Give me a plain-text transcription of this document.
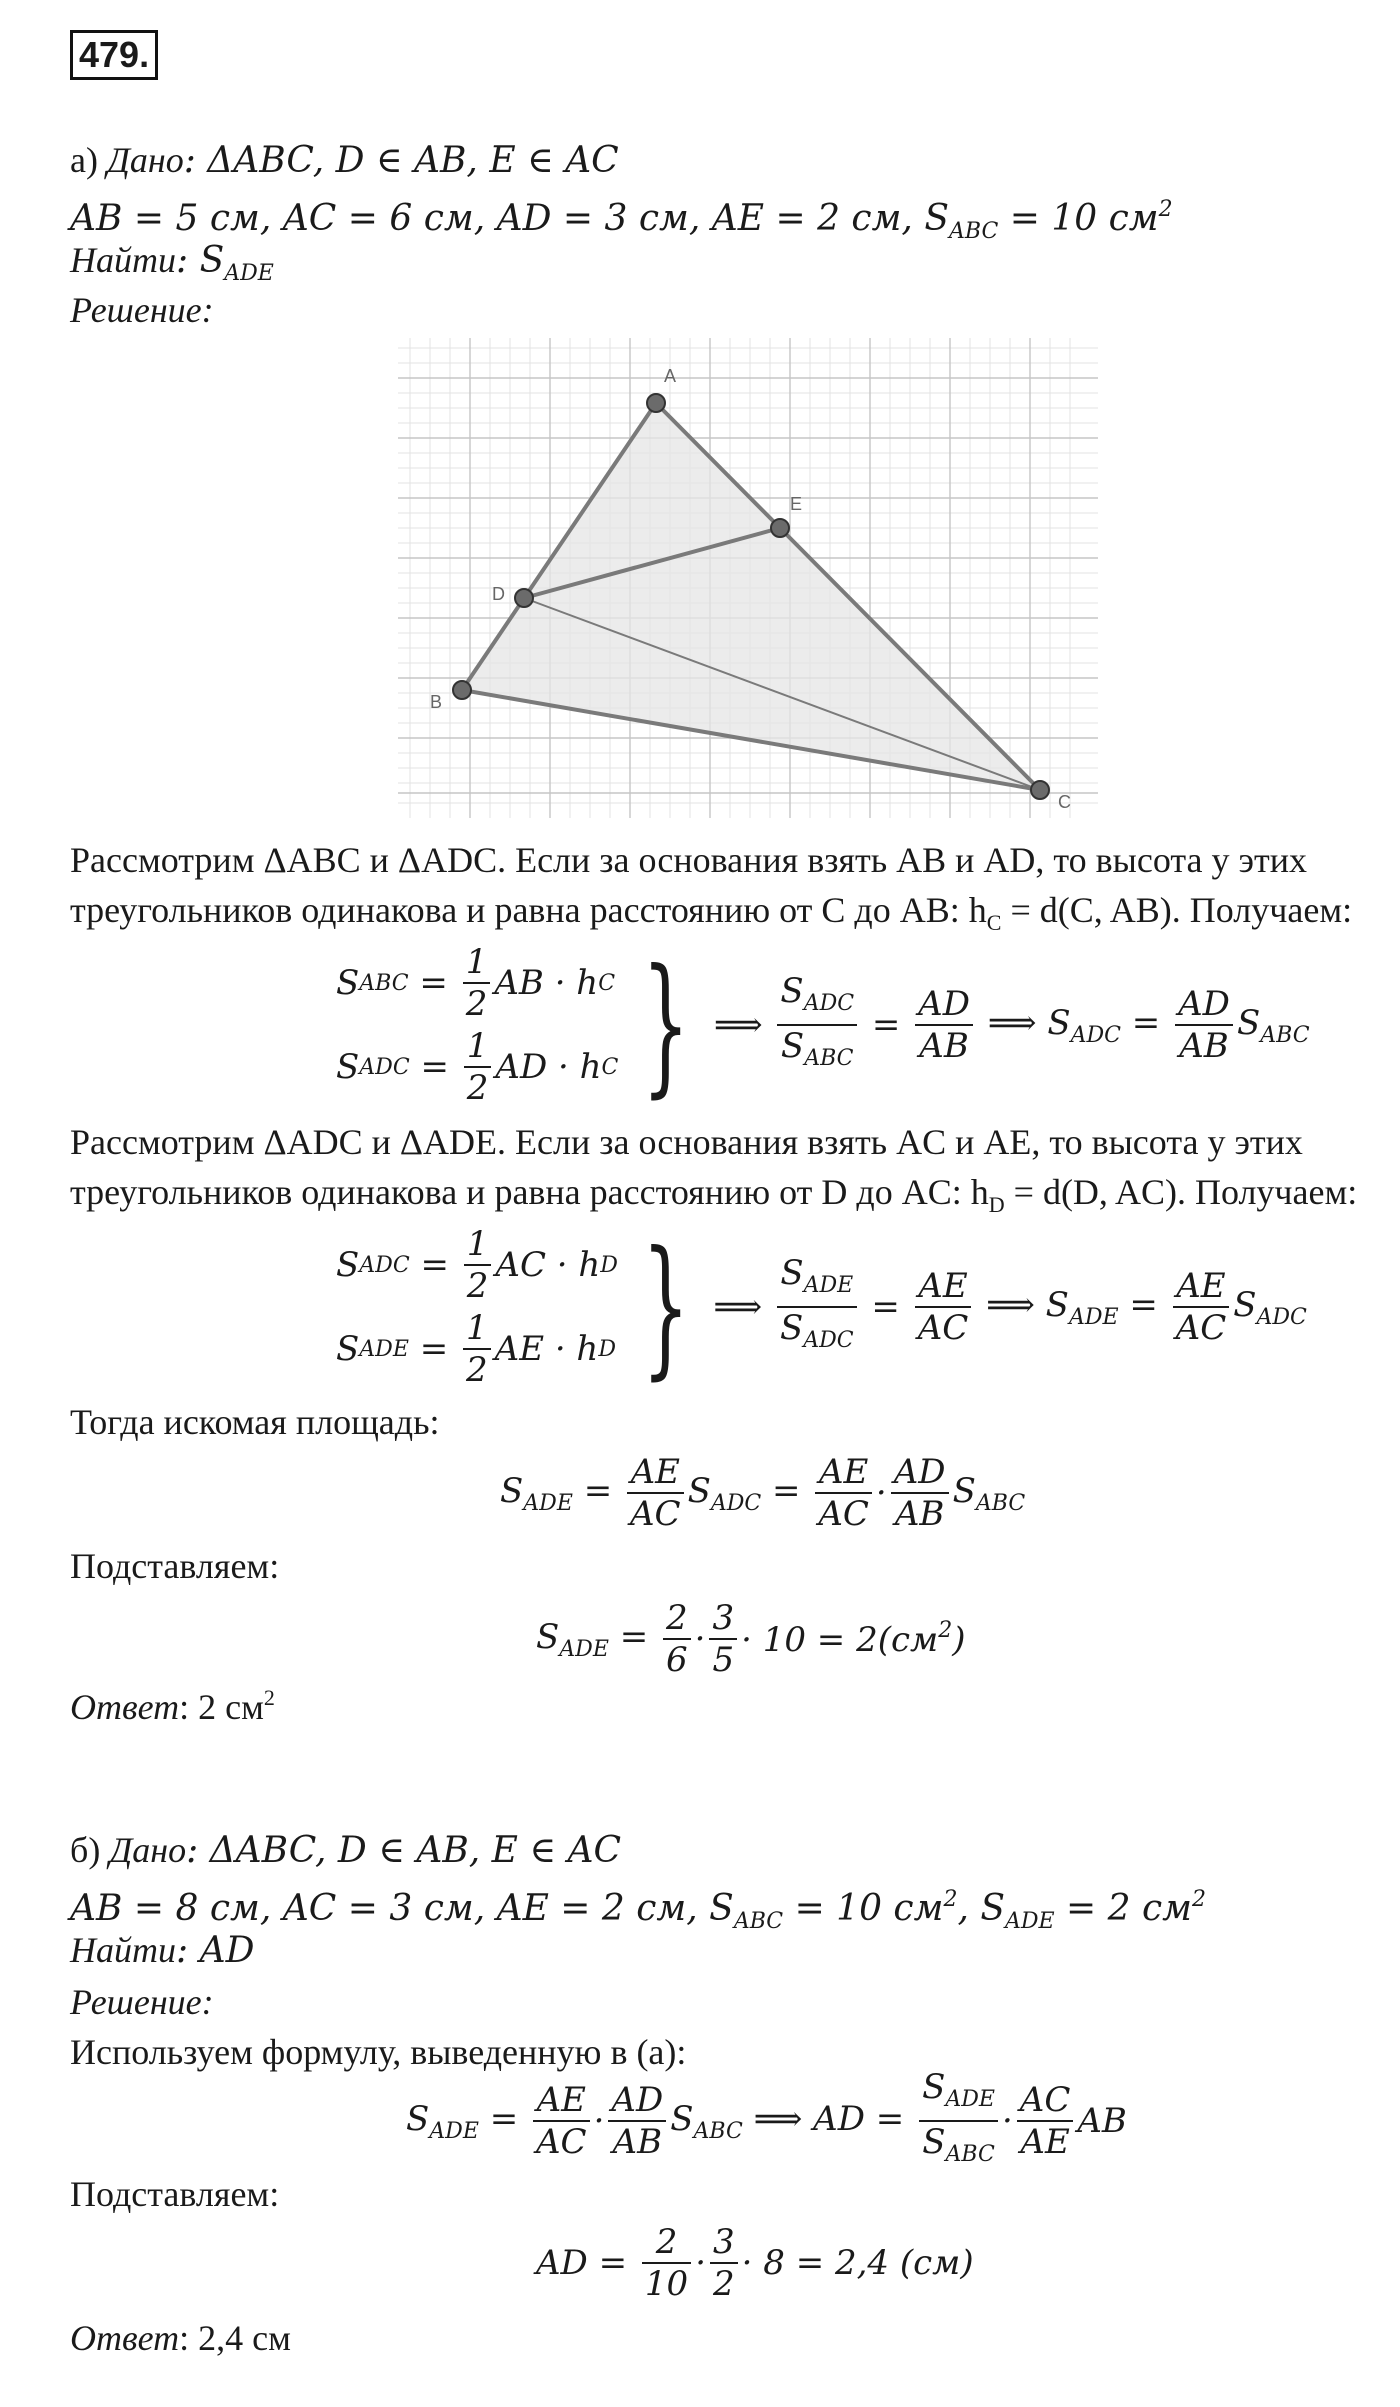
479.
а) Дано: ΔABC, D ∈ AB, E ∈ AC
AB = 5 см, AC = 6 см, AD = 3 см, AE = 2 см, $S_{ABC} = 10$ $см^2$
Найти: $S_{ADE}$
Решение:
A
B
C
D
E
Рассмотрим ΔABC и ΔADC. Если за основания взять AB и AD, то высота у этих
треугольников одинакова и равна расстоянию от C до AB: $h_C = d(C$, AB). Получаем:
S ABC = $\frac{1}{2}$ AB · h C
S ADC = $\frac{1}{2}$ AD · h C } ⟹ $\frac{S_{ADC}}{S_{ABC}} = \frac{AD}{AB}$ ⟹ $S_{ADC} = \frac{AD}{AB} S_{ABC}$
Рассмотрим ΔADC и ΔADE. Если за основания взять AC и AE, то высота у этих
треугольников одинакова и равна расстоянию от D до AC: $h_D = d(D$, AC). Получаем:
S ADC = $\frac{1}{2}$ AC · h D
S ADE = $\frac{1}{2}$ AE · h D } ⟹ $\frac{S_{ADE}}{S_{ADC}} = \frac{AE}{AC}$ ⟹ $S_{ADE} = \frac{AE}{AC} S_{ADC}$
Тогда искомая площадь:
$S_{ADE} = \frac{AE}{AC} S_{ADC} = \frac{AE}{AC} \cdot \frac{AD}{AB} S_{ABC}$
Подставляем:
$S_{ADE} = \frac{2}{6} \cdot \frac{3}{5} \cdot 10 = 2(см^2)$
Ответ: 2 $см^2$
б) Дано: ΔABC, D ∈ AB, E ∈ AC
AB = 8 см, AC = 3 см, AE = 2 см, $S_{ABC} = 10$ $см^2$, $S_{ADE} = 2$ $см^2$
Найти: AD
Решение:
Используем формулу, выведенную в (а):
$S_{ADE} = \frac{AE}{AC} \cdot \frac{AD}{AB} S_{ABC}$ ⟹ AD = $\frac{S_{ADE}}{S_{ABC}} \cdot \frac{AC}{AE}$ AB
Подставляем:
AD = $\frac{2}{10} \cdot \frac{3}{2} \cdot 8 = 2,4$ (см)
Ответ: 2,4 см
